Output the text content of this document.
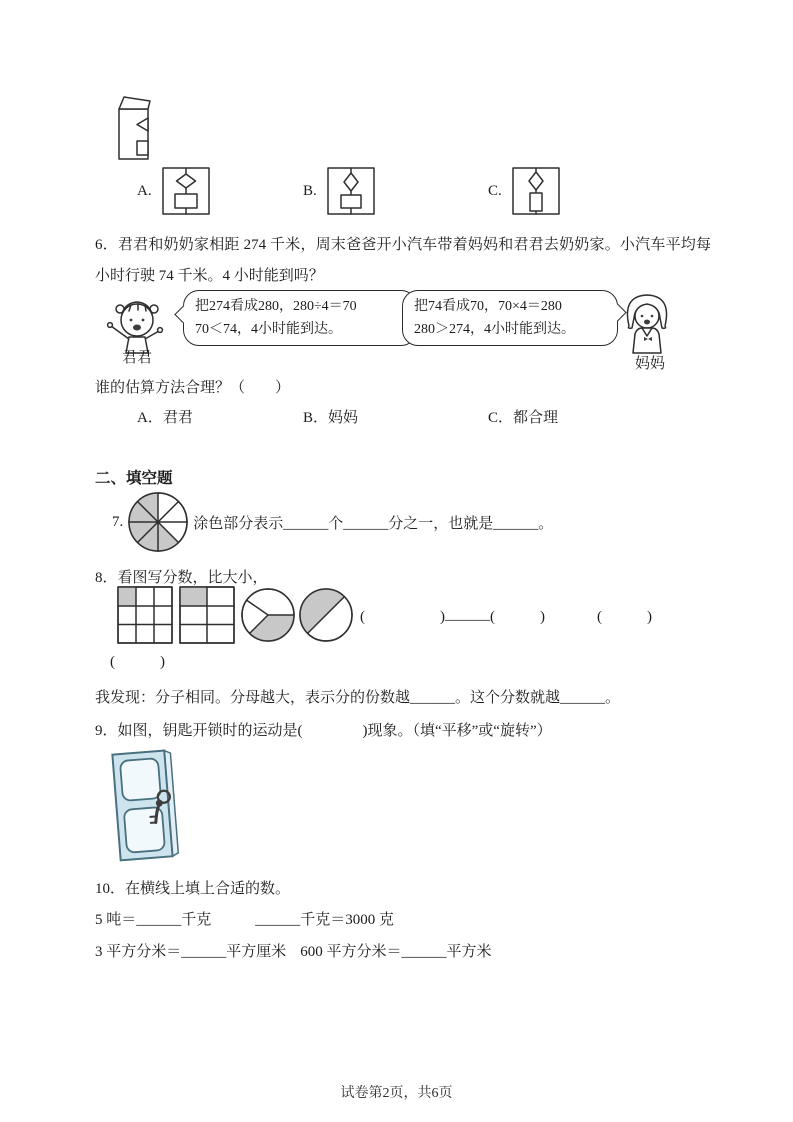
A.	B.	C.
6．君君和奶奶家相距 274 千米，周末爸爸开小汽车带着妈妈和君君去奶奶家。小汽车平均每小时行驶 74 千米。4 小时能到吗？
君君
把274看成280，280÷4＝70
70＜74，4小时能到达。
把74看成70，70×4＝280
280＞274，4小时能到达。
妈妈
谁的估算方法合理？（　　）
A．君君	B．妈妈	C．都合理
二、填空题
7.	涂色部分表示______个______分之一，也就是______。
8．看图写分数，比大小，
(　　　　　) ______ (　　　)	(　　　)
(　　　)
我发现：分子相同。分母越大，表示分的份数越______。这个分数就越______。
9．如图，钥匙开锁时的运动是(　　　　)现象。（填“平移”或“旋转”）
10．在横线上填上合适的数。
5 吨＝______千克	______千克＝3000 克
3 平方分米＝______平方厘米 600 平方分米＝______平方米
试卷第2页，共6页
